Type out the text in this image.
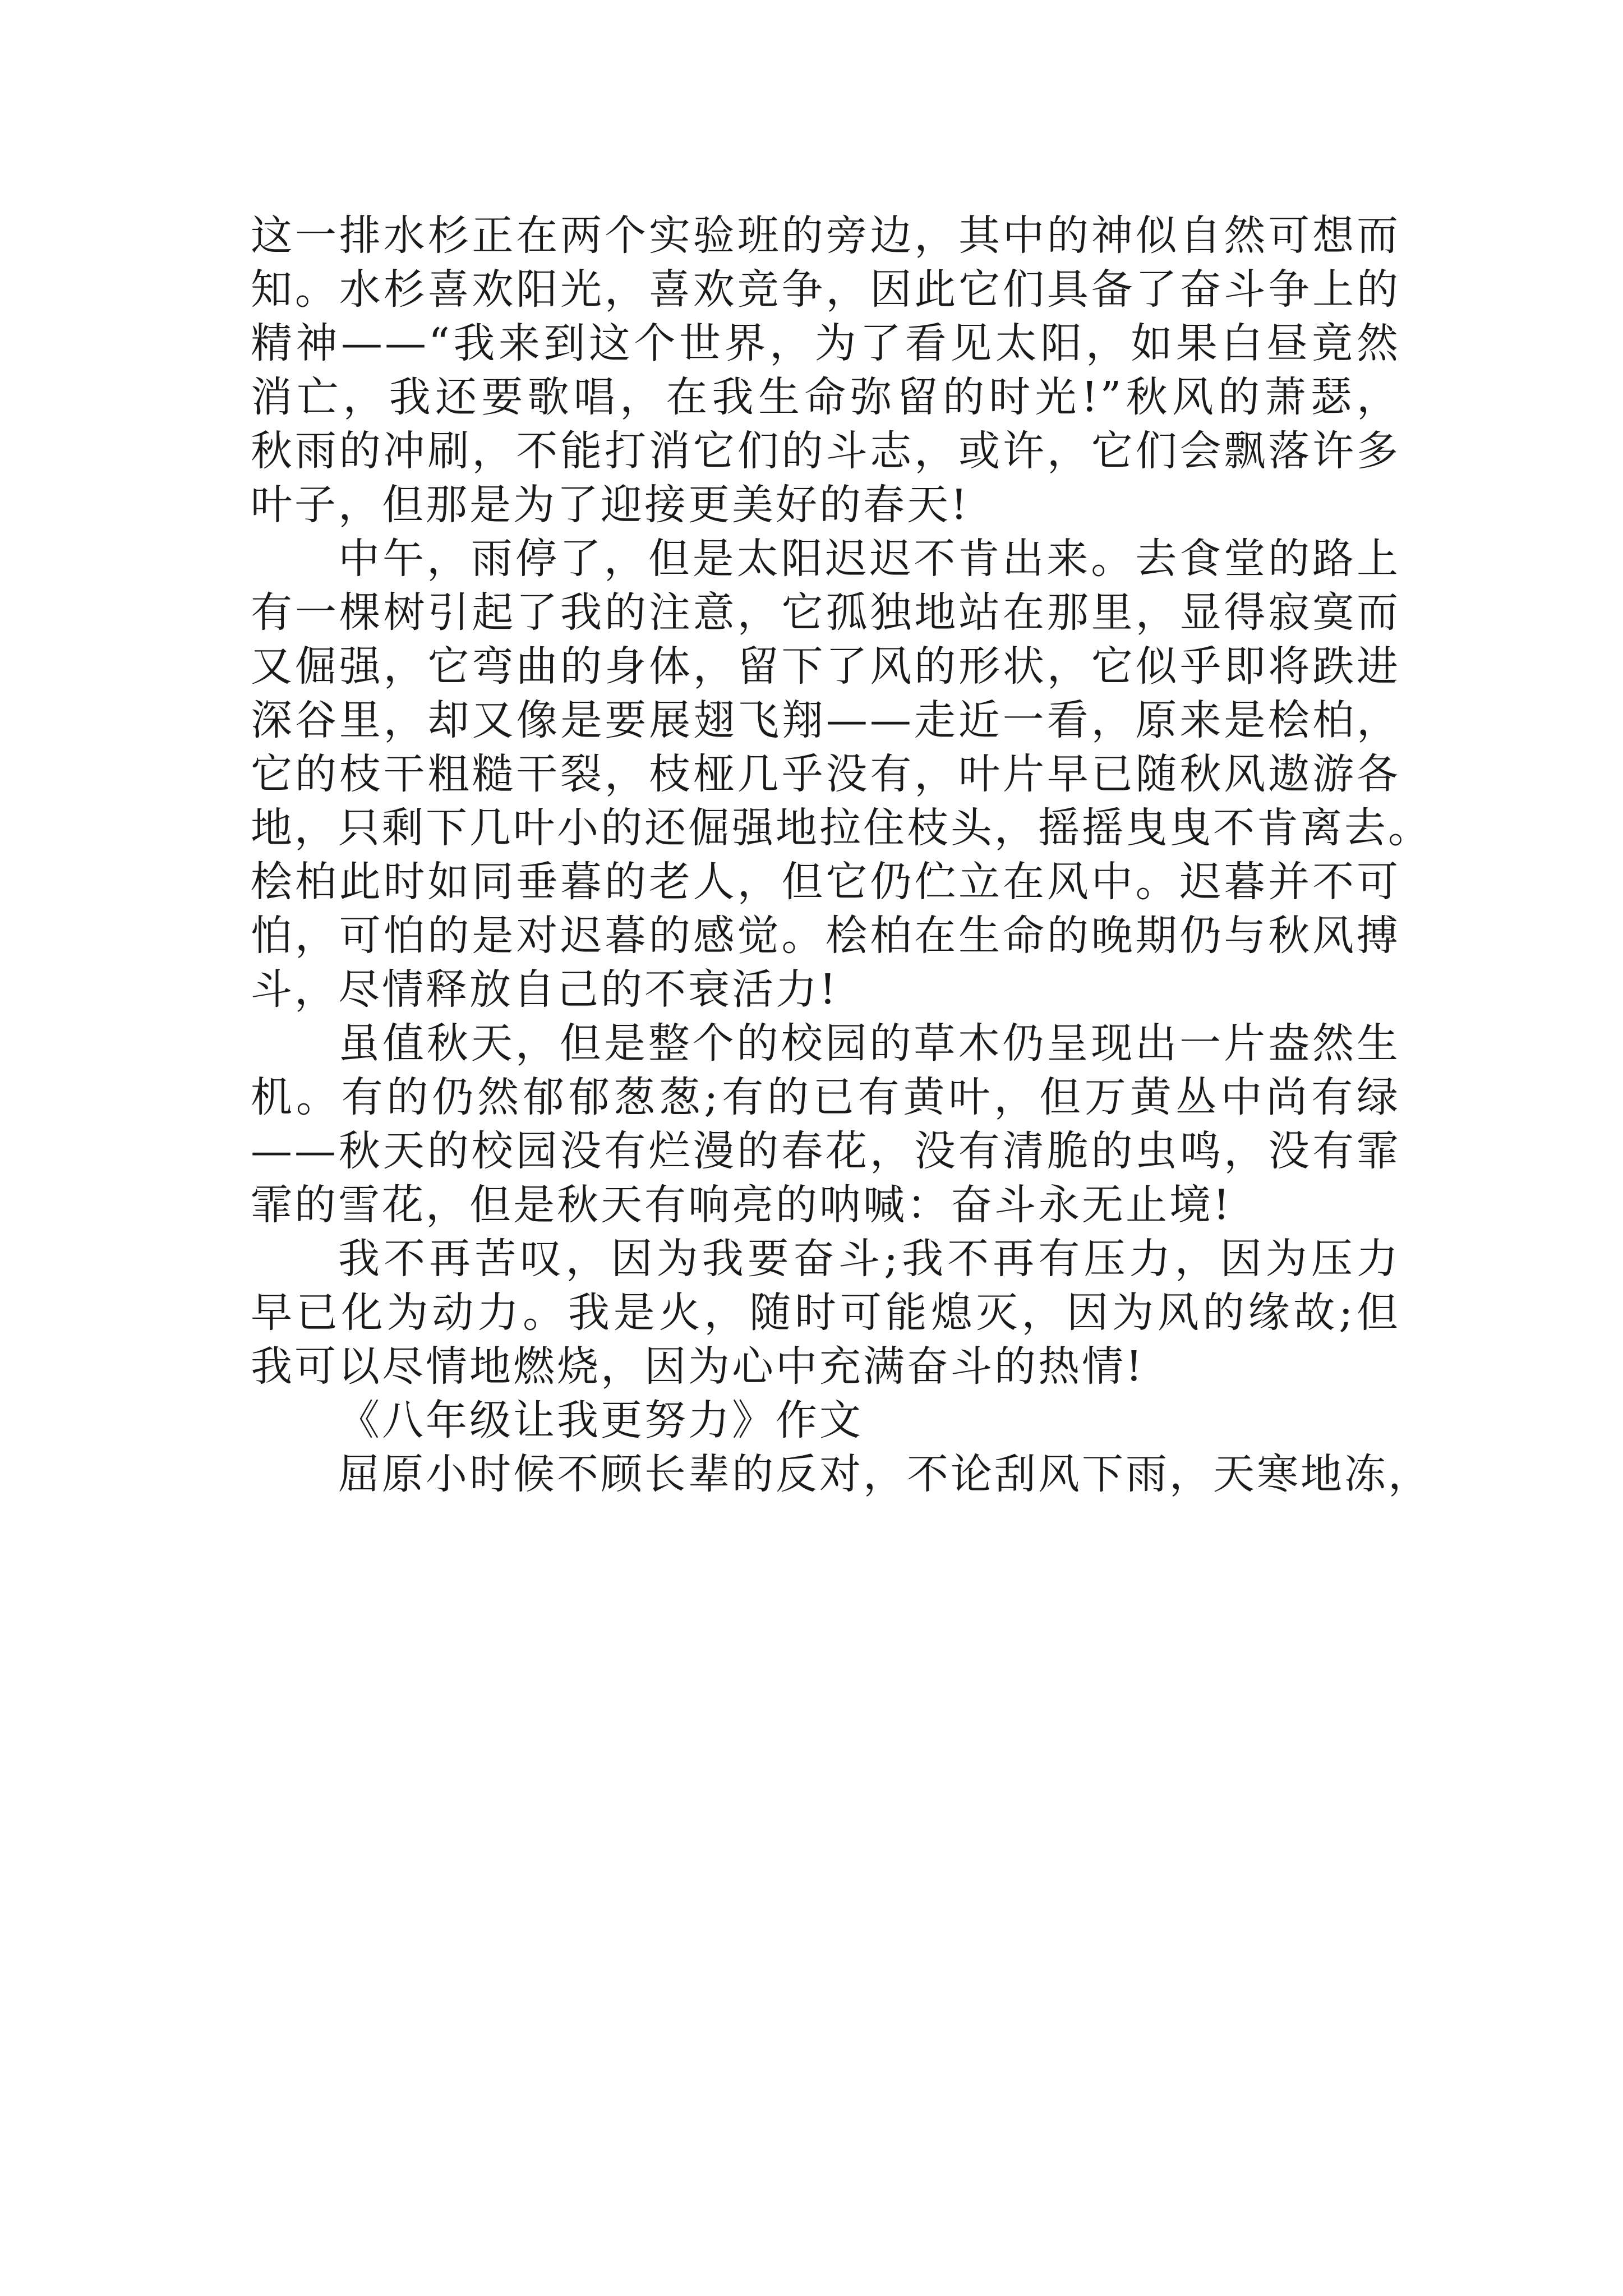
这一排水杉正在两个实验班的旁边，其中的神似自然可想而
知。水杉喜欢阳光，喜欢竞争，因此它们具备了奋斗争上的
精神——“我来到这个世界，为了看见太阳，如果白昼竟然
消亡，我还要歌唱，在我生命弥留的时光!”秋风的萧瑟，
秋雨的冲刷，不能打消它们的斗志，或许，它们会飘落许多
叶子，但那是为了迎接更美好的春天!
中午，雨停了，但是太阳迟迟不肯出来。去食堂的路上
有一棵树引起了我的注意，它孤独地站在那里，显得寂寞而
又倔强，它弯曲的身体，留下了风的形状，它似乎即将跌进
深谷里，却又像是要展翅飞翔——走近一看，原来是桧柏，
它的枝干粗糙干裂，枝桠几乎没有，叶片早已随秋风遨游各
地，只剩下几叶小的还倔强地拉住枝头，摇摇曳曳不肯离去。
桧柏此时如同垂暮的老人，但它仍伫立在风中。迟暮并不可
怕，可怕的是对迟暮的感觉。桧柏在生命的晚期仍与秋风搏
斗，尽情释放自己的不衰活力!
虽值秋天，但是整个的校园的草木仍呈现出一片盎然生
机。有的仍然郁郁葱葱;有的已有黄叶，但万黄丛中尚有绿
——秋天的校园没有烂漫的春花，没有清脆的虫鸣，没有霏
霏的雪花，但是秋天有响亮的呐喊：奋斗永无止境!
我不再苦叹，因为我要奋斗;我不再有压力，因为压力
早已化为动力。我是火，随时可能熄灭，因为风的缘故;但
我可以尽情地燃烧，因为心中充满奋斗的热情!
《八年级让我更努力》作文
屈原小时候不顾长辈的反对，不论刮风下雨，天寒地冻，
